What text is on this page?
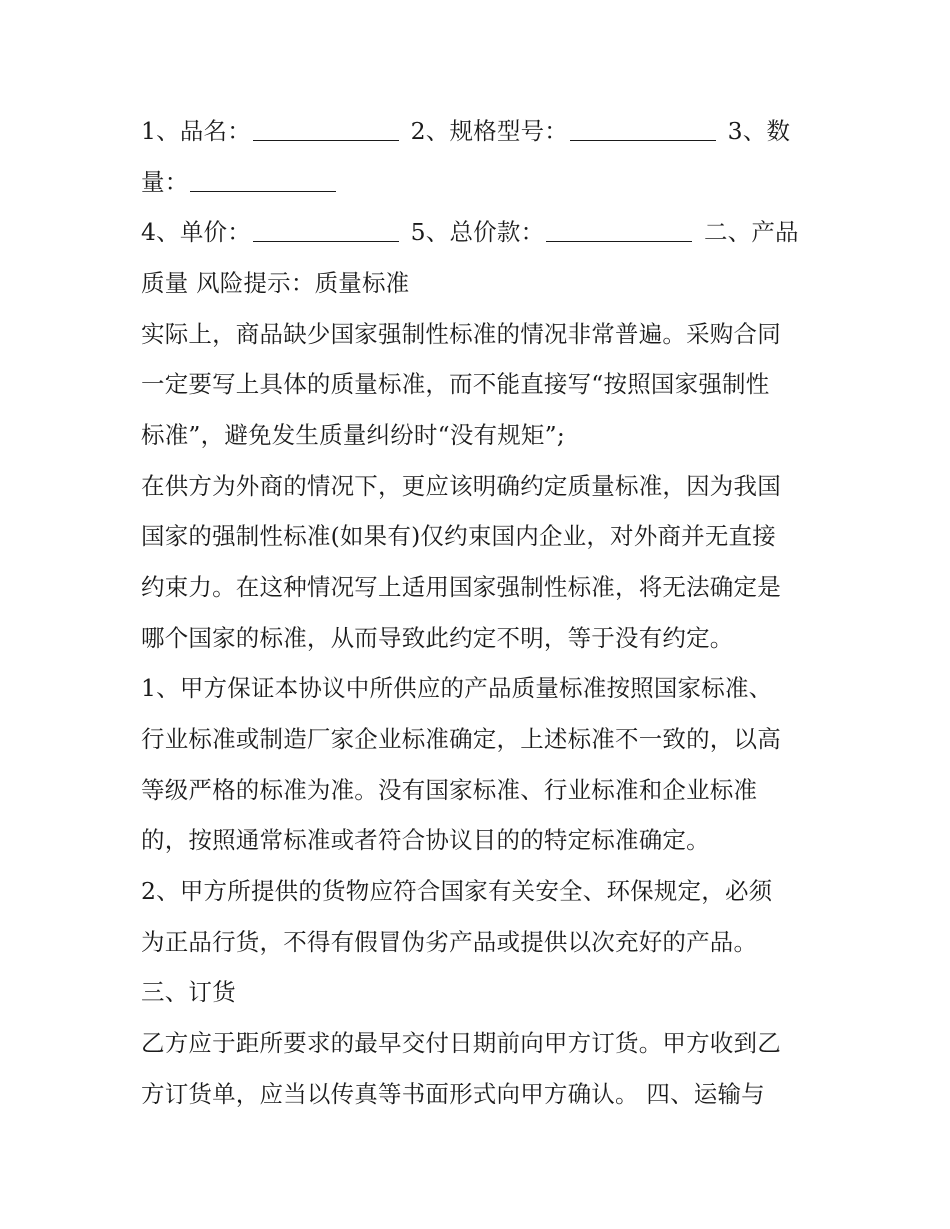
1、品名：	2、规格型号：	3、数
量：
4、单价：	5、总价款：	二、产品
质量 风险提示：质量标准
实际上，商品缺少国家强制性标准的情况非常普遍。采购合同
一定要写上具体的质量标准，而不能直接写“按照国家强制性
标准”，避免发生质量纠纷时“没有规矩”;
在供方为外商的情况下，更应该明确约定质量标准，因为我国
国家的强制性标准(如果有)仅约束国内企业，对外商并无直接
约束力。在这种情况写上适用国家强制性标准，将无法确定是
哪个国家的标准，从而导致此约定不明，等于没有约定。
1、甲方保证本协议中所供应的产品质量标准按照国家标准、
行业标准或制造厂家企业标准确定，上述标准不一致的，以高
等级严格的标准为准。没有国家标准、行业标准和企业标准
的，按照通常标准或者符合协议目的的特定标准确定。
2、甲方所提供的货物应符合国家有关安全、环保规定，必须
为正品行货，不得有假冒伪劣产品或提供以次充好的产品。
三、订货
乙方应于距所要求的最早交付日期前向甲方订货。甲方收到乙
方订货单，应当以传真等书面形式向甲方确认。 四、运输与
